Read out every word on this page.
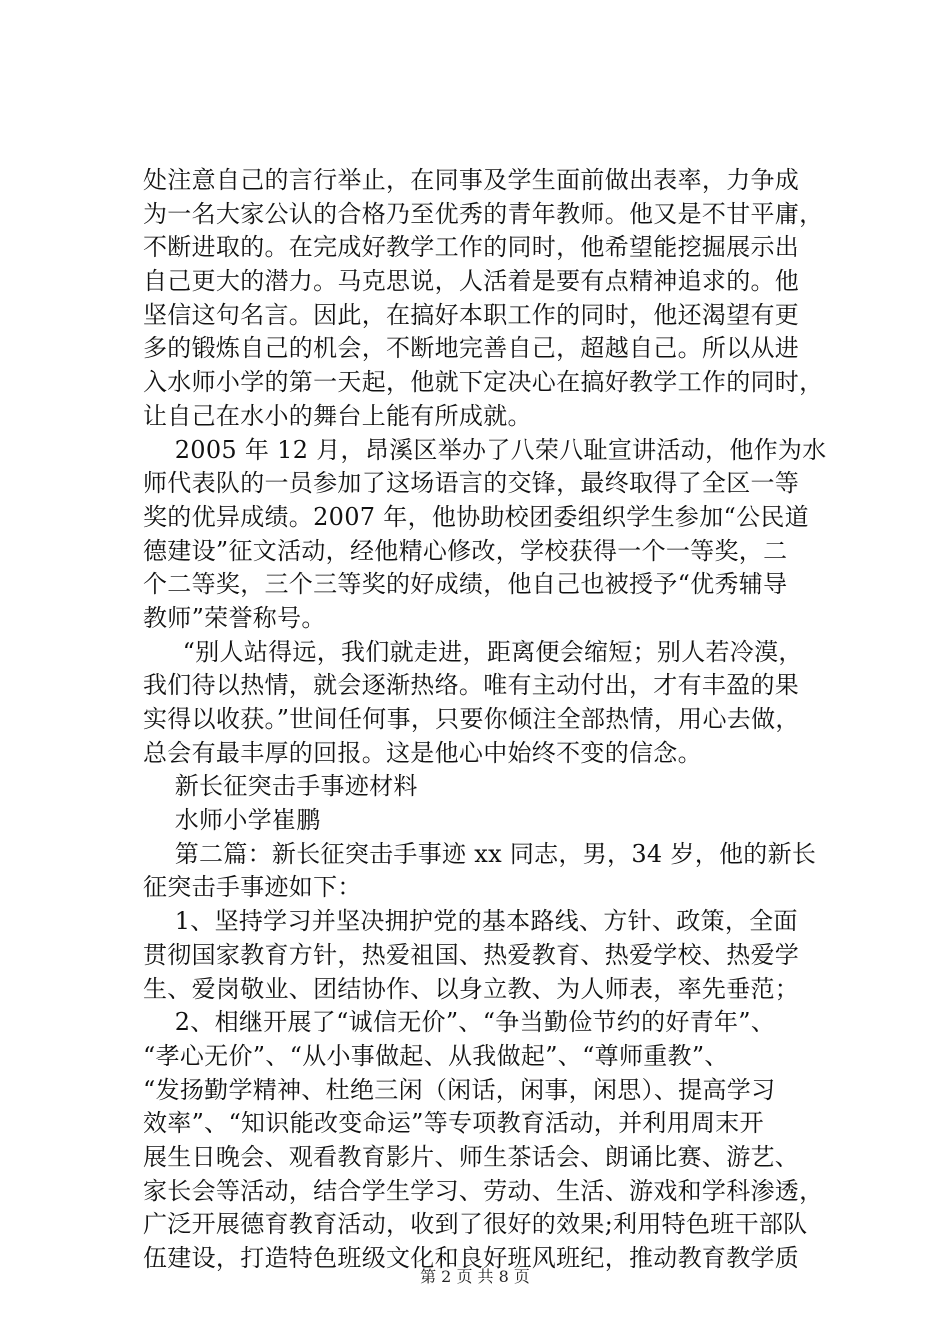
处注意自己的言行举止，在同事及学生面前做出表率，力争成
为一名大家公认的合格乃至优秀的青年教师。他又是不甘平庸，
不断进取的。在完成好教学工作的同时，他希望能挖掘展示出
自己更大的潜力。马克思说，人活着是要有点精神追求的。他
坚信这句名言。因此，在搞好本职工作的同时，他还渴望有更
多的锻炼自己的机会，不断地完善自己，超越自己。所以从进
入水师小学的第一天起，他就下定决心在搞好教学工作的同时，
让自己在水小的舞台上能有所成就。
2005 年 12 月，昂溪区举办了八荣八耻宣讲活动，他作为水
师代表队的一员参加了这场语言的交锋，最终取得了全区一等
奖的优异成绩。2007 年，他协助校团委组织学生参加“公民道
德建设”征文活动，经他精心修改，学校获得一个一等奖，二
个二等奖，三个三等奖的好成绩，他自己也被授予“优秀辅导
教师”荣誉称号。
“别人站得远，我们就走进，距离便会缩短；别人若冷漠，
我们待以热情，就会逐渐热络。唯有主动付出，才有丰盈的果
实得以收获。”世间任何事，只要你倾注全部热情，用心去做，
总会有最丰厚的回报。这是他心中始终不变的信念。
新长征突击手事迹材料
水师小学崔鹏
第二篇：新长征突击手事迹 xx 同志，男，34 岁，他的新长
征突击手事迹如下：
1、坚持学习并坚决拥护党的基本路线、方针、政策，全面
贯彻国家教育方针，热爱祖国、热爱教育、热爱学校、热爱学
生、爱岗敬业、团结协作、以身立教、为人师表，率先垂范；
2、相继开展了“诚信无价”、“争当勤俭节约的好青年”、
“孝心无价”、“从小事做起、从我做起”、“尊师重教”、
“发扬勤学精神、杜绝三闲（闲话，闲事，闲思）、提高学习
效率”、“知识能改变命运”等专项教育活动，并利用周末开
展生日晚会、观看教育影片、师生茶话会、朗诵比赛、游艺、
家长会等活动，结合学生学习、劳动、生活、游戏和学科渗透，
广泛开展德育教育活动，收到了很好的效果;利用特色班干部队
伍建设，打造特色班级文化和良好班风班纪，推动教育教学质
第 2 页 共 8 页
